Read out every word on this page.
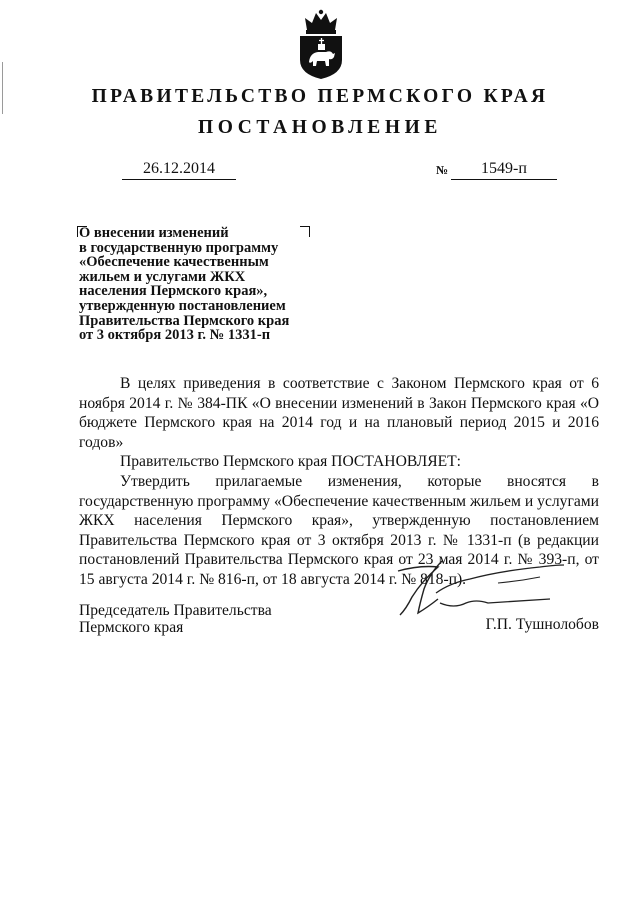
ПРАВИТЕЛЬСТВО ПЕРМСКОГО КРАЯ
ПОСТАНОВЛЕНИЕ
26.12.2014	№	1549-п
О внесении изменений
в государственную программу
«Обеспечение качественным
жильем и услугами ЖКХ
населения Пермского края»,
утвержденную постановлением
Правительства Пермского края
от 3 октября 2013 г. № 1331-п

В целях приведения в соответствие с Законом Пермского края от 6 ноября 2014 г. № 384-ПК «О внесении изменений в Закон Пермского края «О бюджете Пермского края на 2014 год и на плановый период 2015 и 2016 годов»

Правительство Пермского края ПОСТАНОВЛЯЕТ:

Утвердить прилагаемые изменения, которые вносятся в государственную программу «Обеспечение качественным жильем и услугами ЖКХ населения Пермского края», утвержденную постановлением Правительства Пермского края от 3 октября 2013 г. № 1331-п (в редакции постановлений Правительства Пермского края от 23 мая 2014 г. № 393-п, от 15 августа 2014 г. № 816-п, от 18 августа 2014 г. № 818-п).

Председатель Правительства
Пермского края	Г.П. Тушнолобов
